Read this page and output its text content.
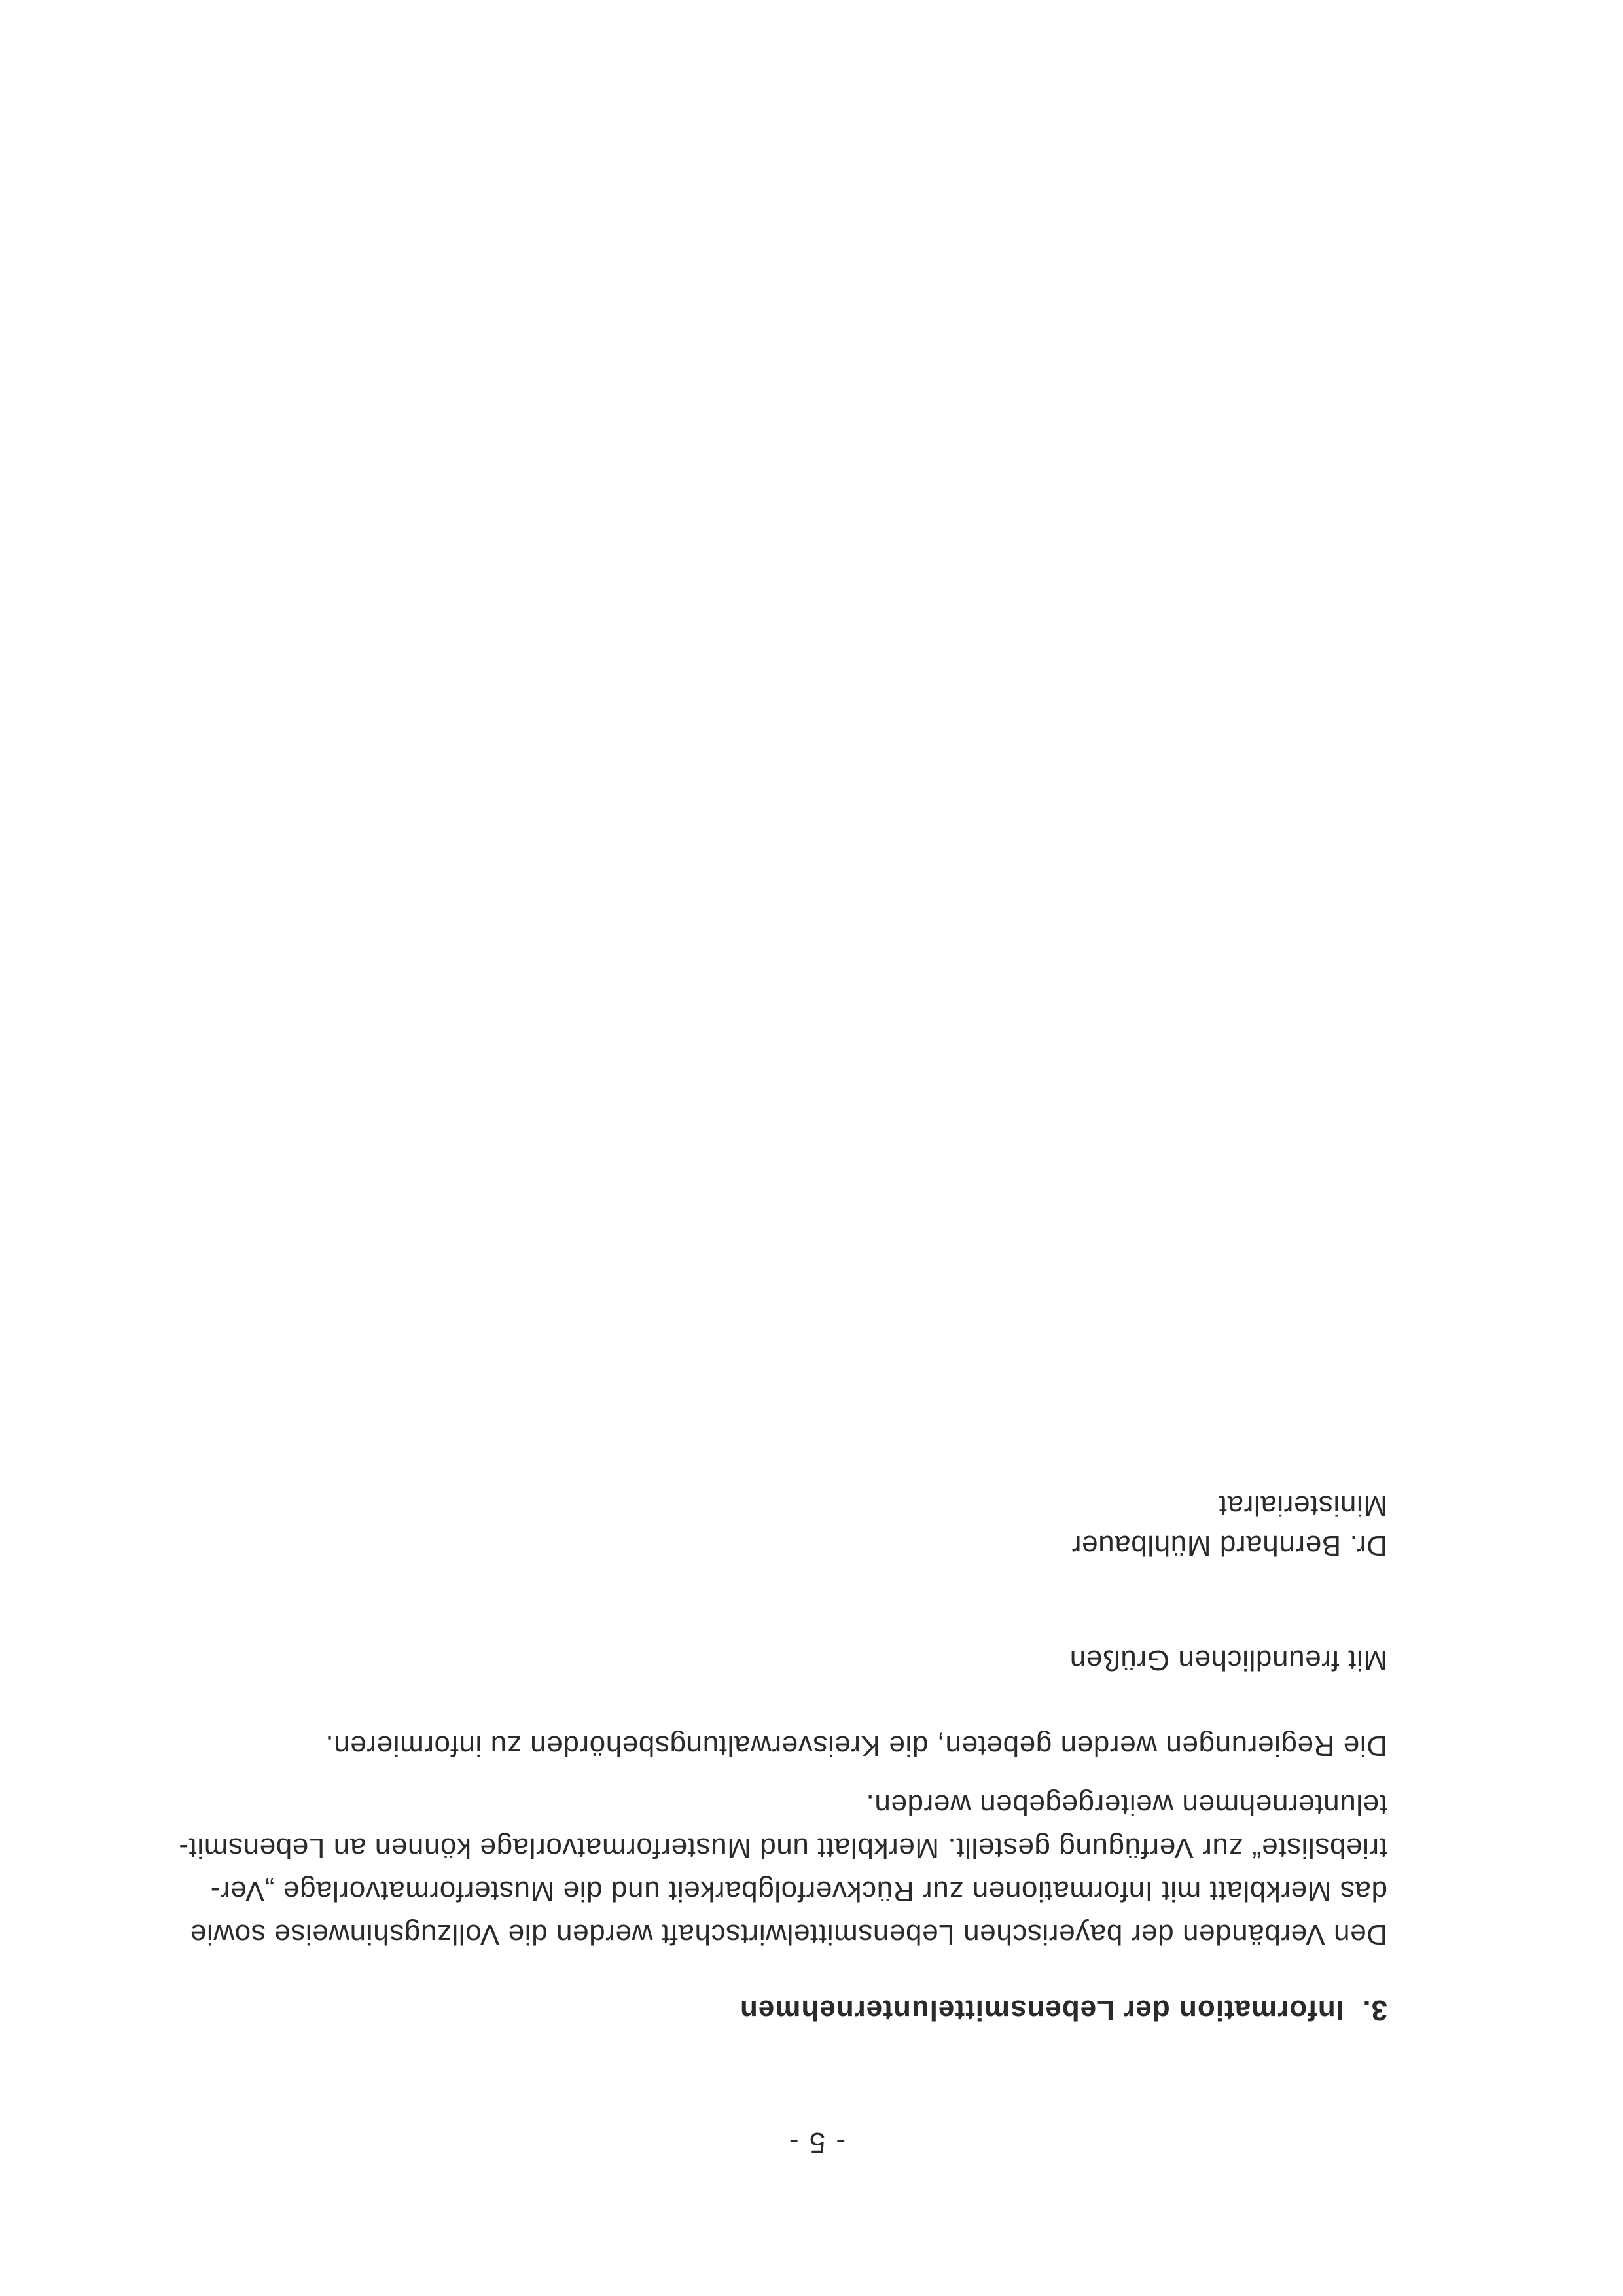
- 5 -
3.Information der Lebensmittelunternehmen
Den Verbänden der bayerischen Lebensmittelwirtschaft werden die Vollzugshinweise sowie
das Merkblatt mit Informationen zur Rückverfolgbarkeit und die Musterformatvorlage „Ver-
triebsliste“ zur Verfügung gestellt. Merkblatt und Musterformatvorlage können an Lebensmit-
telunternehmen weitergegeben werden.
Die Regierungen werden gebeten, die Kreisverwaltungsbehörden zu informieren.
Mit freundlichen Grüßen
Dr. Bernhard Mühlbauer
Ministerialrat
